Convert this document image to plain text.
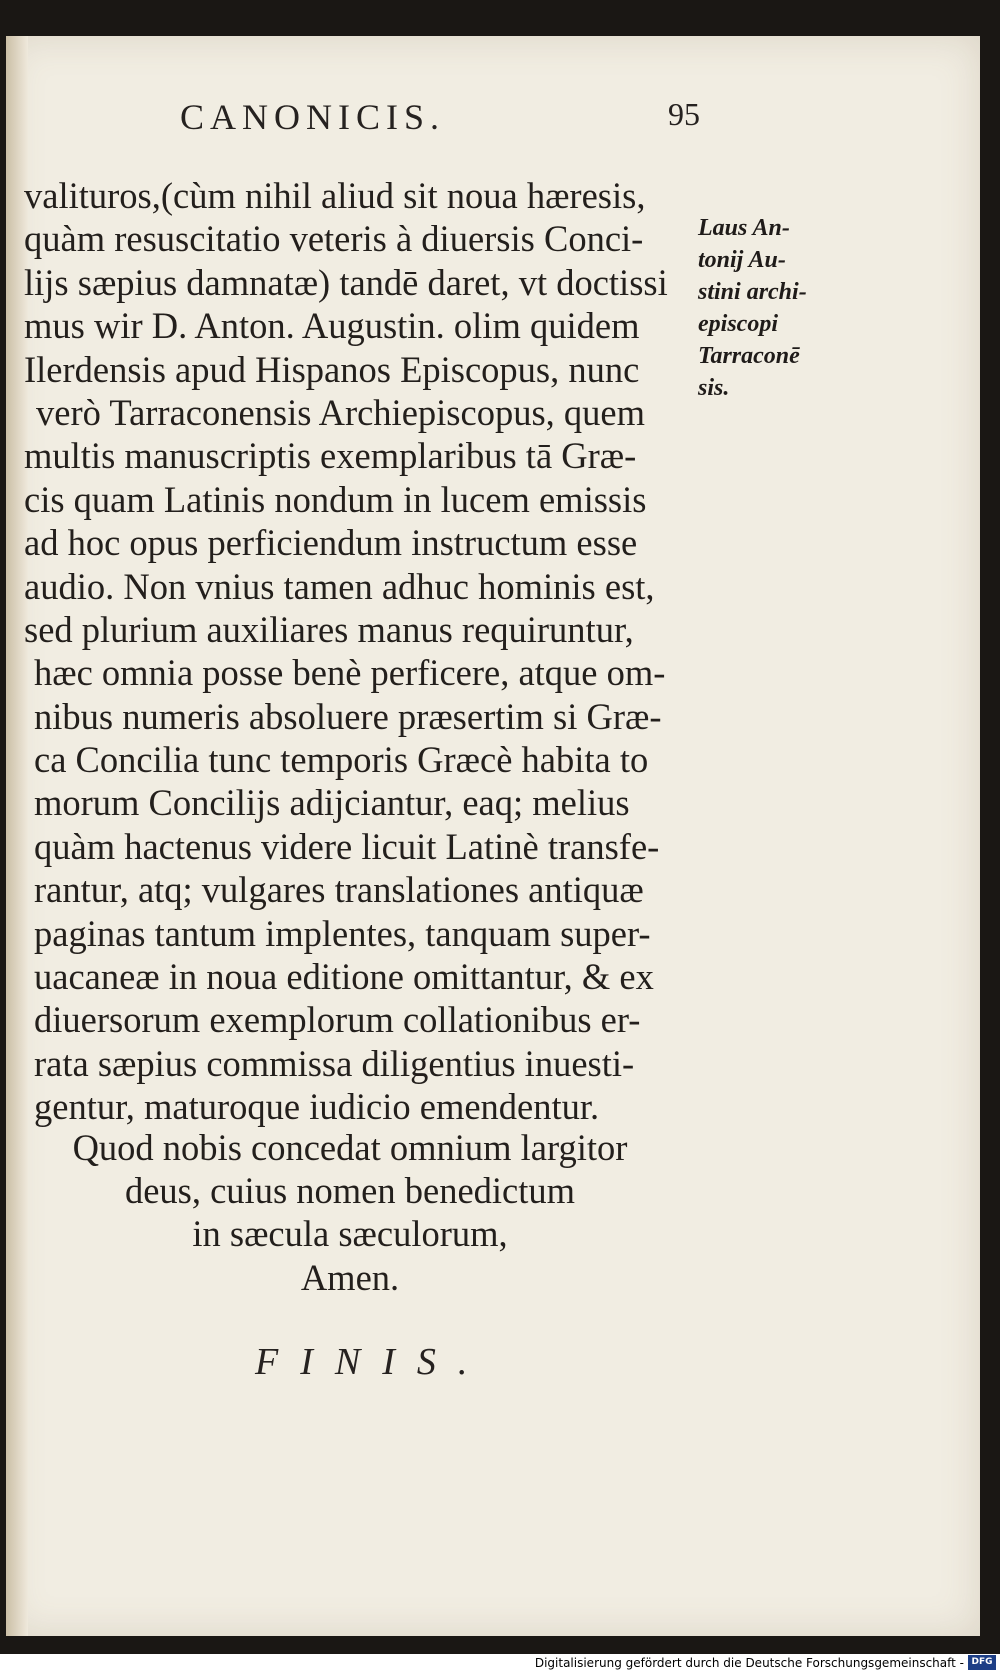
CANONICIS.	95
valituros,(cùm nihil aliud sit noua hæresis,
quàm resuscitatio veteris à diuersis Conci-
lijs sæpius damnatæ) tandē daret, vt doctissi
mus wir D. Anton. Augustin. olim quidem
Ilerdensis apud Hispanos Episcopus, nunc
verò Tarraconensis Archiepiscopus, quem
multis manuscriptis exemplaribus tā Græ-
cis quam Latinis nondum in lucem emissis
ad hoc opus perficiendum instructum esse
audio. Non vnius tamen adhuc hominis est,
sed plurium auxiliares manus requiruntur,
hæc omnia posse benè perficere, atque om-
nibus numeris absoluere præsertim si Græ-
ca Concilia tunc temporis Græcè habita to
morum Concilijs adijciantur, eaq; melius
quàm hactenus videre licuit Latinè transfe-
rantur, atq; vulgares translationes antiquæ
paginas tantum implentes, tanquam super-
uacaneæ in noua editione omittantur, & ex
diuersorum exemplorum collationibus er-
rata sæpius commissa diligentius inuesti-
gentur, maturoque iudicio emendentur.
Quod nobis concedat omnium largitor
deus, cuius nomen benedictum
in sæcula sæculorum,
Amen.
Laus An-
tonij Au-
stini archi-
episcopi
Tarraconē
sis.
FINIS.
Digitalisierung gefördert durch die Deutsche Forschungsgemeinschaft - DFG
